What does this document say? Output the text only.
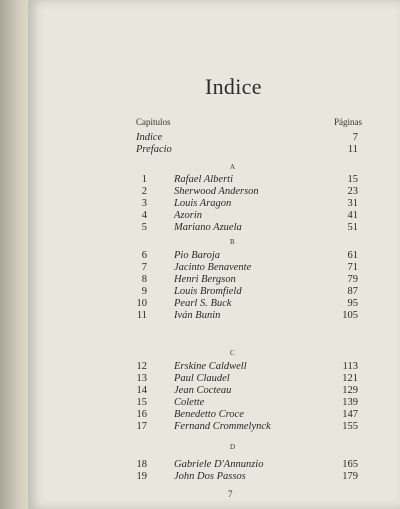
Indice
Capitulos	Páginas
Indice	7
Prefacio	11
A
1	Rafael Alberti	15
2	Sherwood Anderson	23
3	Louis Aragon	31
4	Azorin	41
5	Mariano Azuela	51
B
6	Pio Baroja	61
7	Jacinto Benavente	71
8	Henri Bergson	79
9	Louis Bromfield	87
10	Pearl S. Buck	95
11	Iván Bunin	105
C
12	Erskine Caldwell	113
13	Paul Claudel	121
14	Jean Cocteau	129
15	Colette	139
16	Benedetto Croce	147
17	Fernand Crommelynck	155
D
18	Gabriele D'Annunzio	165
19	John Dos Passos	179
7
